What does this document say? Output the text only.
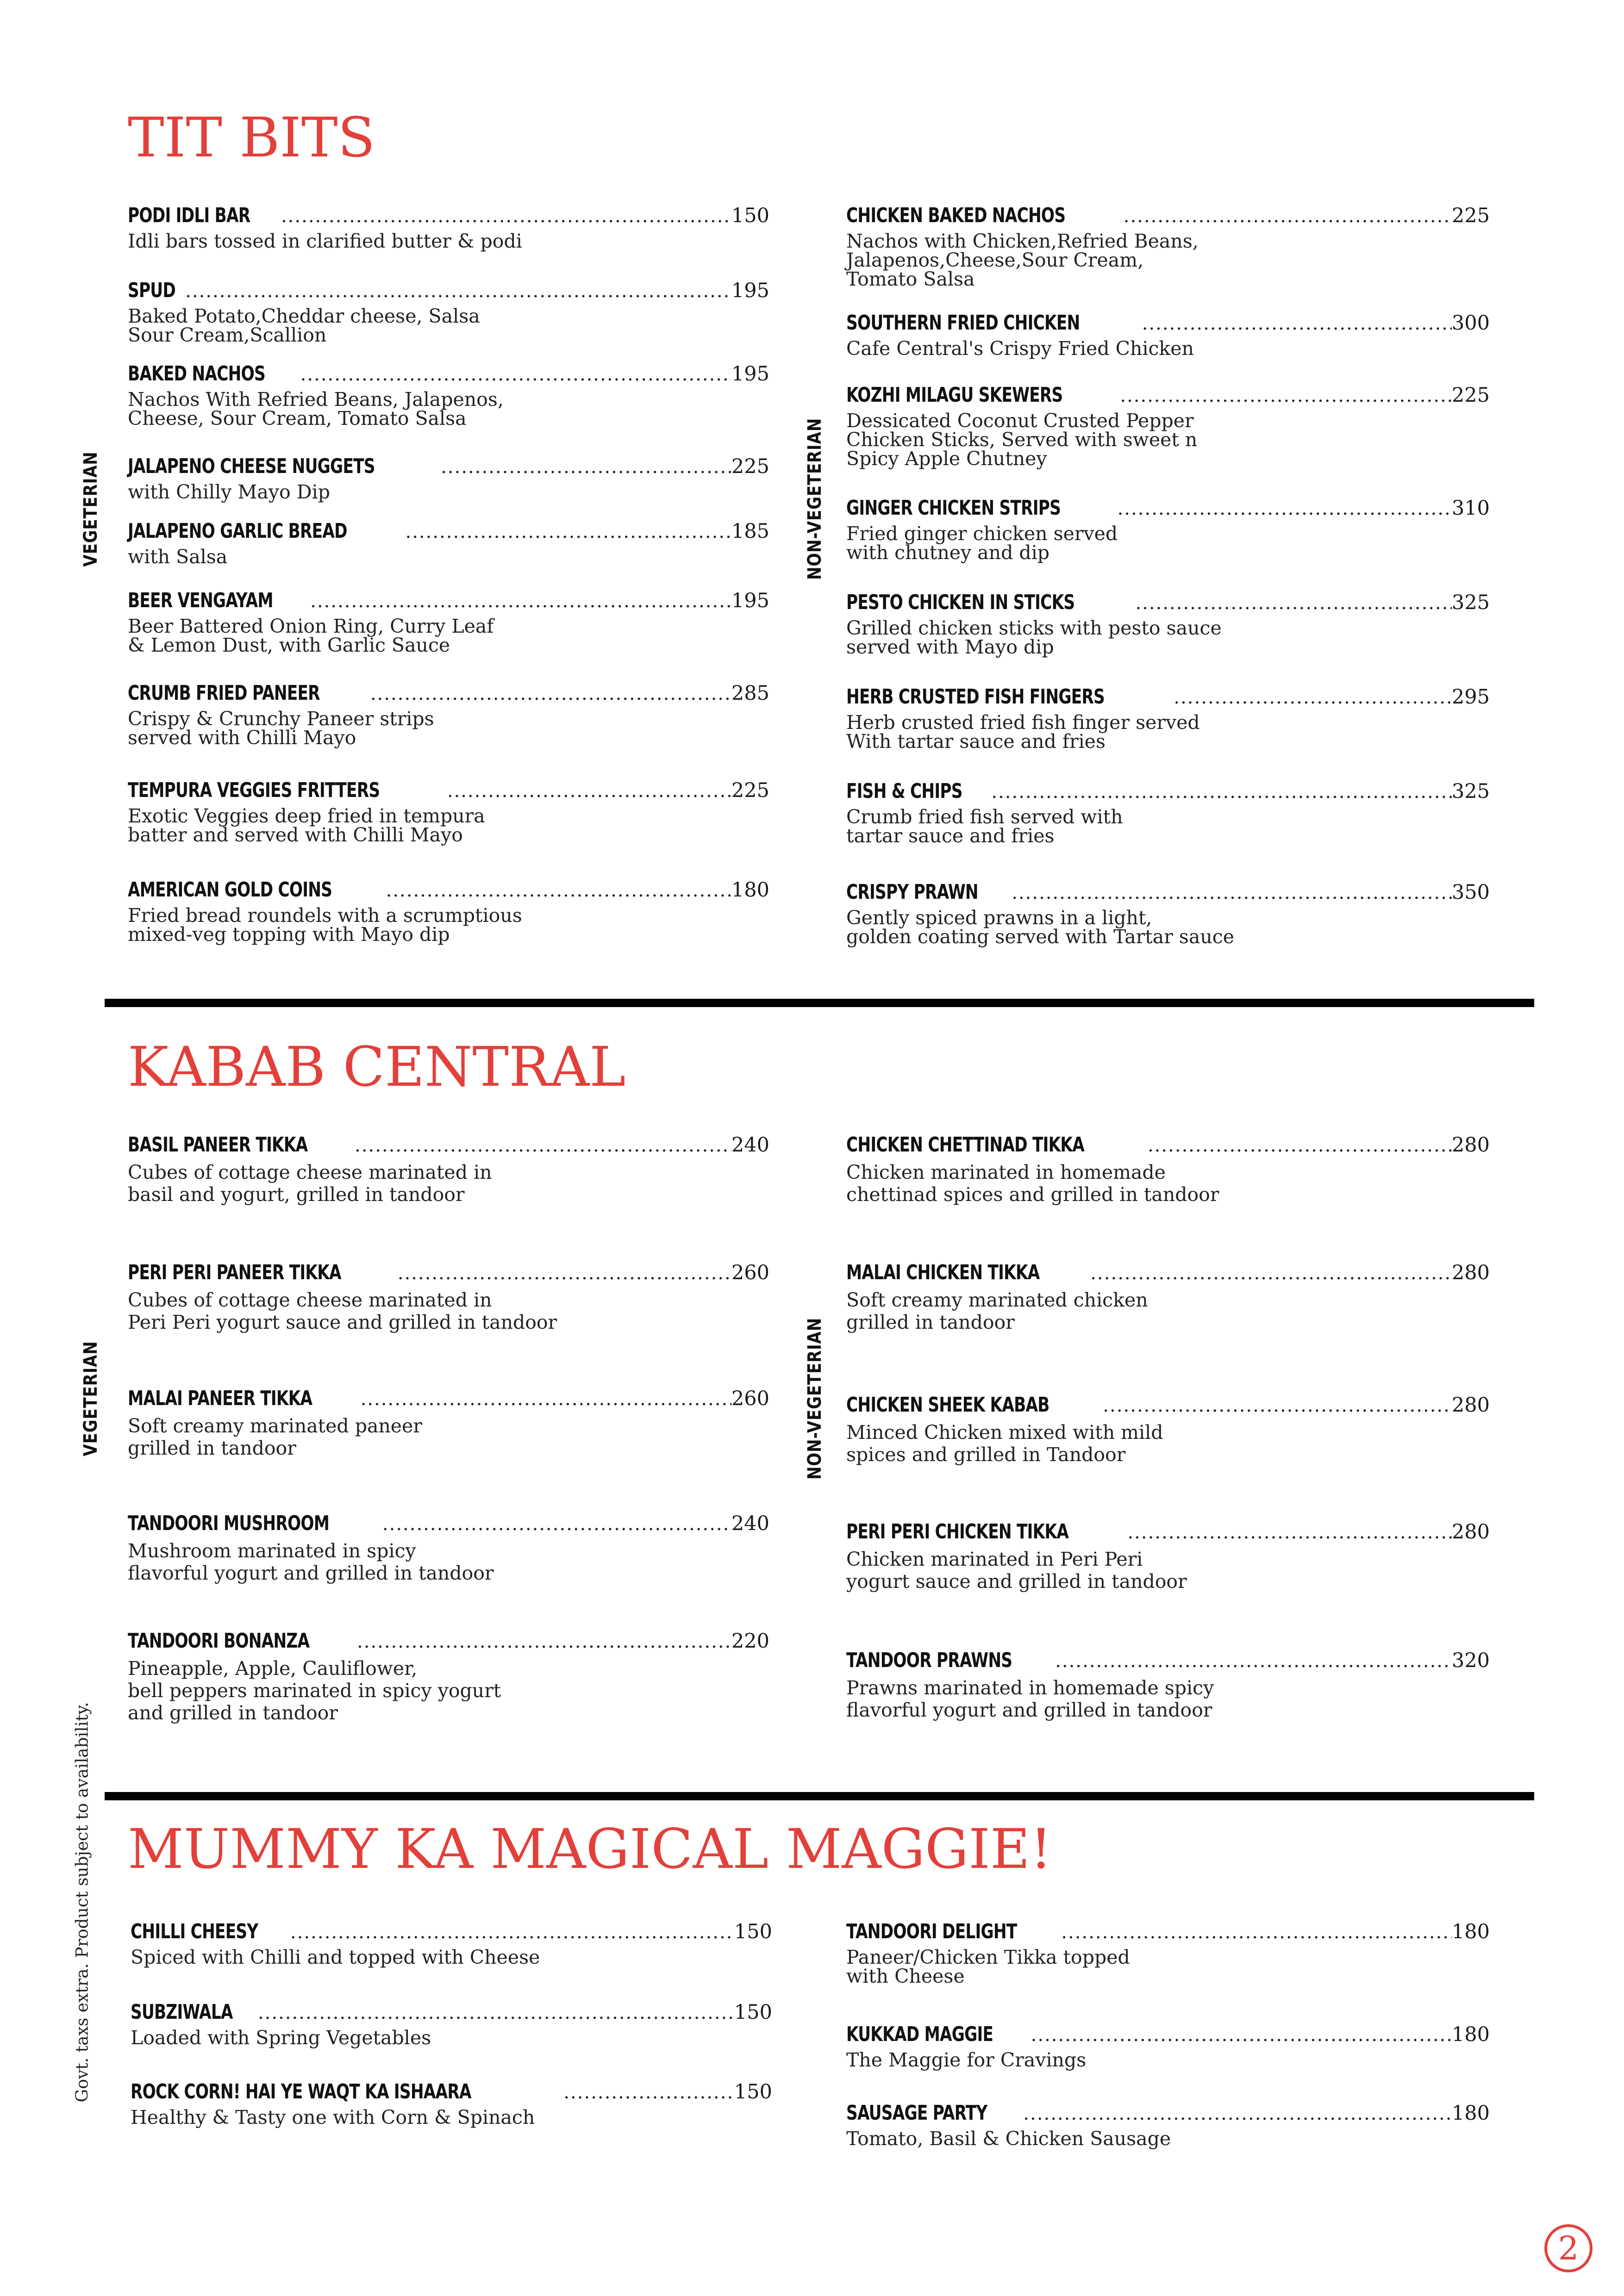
TIT BITS
KABAB CENTRAL
MUMMY KA MAGICAL MAGGIE!
VEGETERIAN	NON-VEGETERIAN
VEGETERIAN	NON-VEGETERIAN
Govt. taxs extra. Product subject to availability.
2
PODI IDLI BAR .....	150
Idli bars tossed in clarified butter & podi
SPUD .....	195
Baked Potato,Cheddar cheese, Salsa
Sour Cream,Scallion
BAKED NACHOS .....	195
Nachos With Refried Beans, Jalapenos,
Cheese, Sour Cream, Tomato Salsa
JALAPENO CHEESE NUGGETS .....	225
with Chilly Mayo Dip
JALAPENO GARLIC BREAD .....	185
with Salsa
BEER VENGAYAM .....	195
Beer Battered Onion Ring, Curry Leaf
& Lemon Dust, with Garlic Sauce
CRUMB FRIED PANEER .....	285
Crispy & Crunchy Paneer strips
served with Chilli Mayo
TEMPURA VEGGIES FRITTERS .....	225
Exotic Veggies deep fried in tempura
batter and served with Chilli Mayo
AMERICAN GOLD COINS .....	180
Fried bread roundels with a scrumptious
mixed-veg topping with Mayo dip
CHICKEN BAKED NACHOS .....	225
Nachos with Chicken,Refried Beans,
Jalapenos,Cheese,Sour Cream,
Tomato Salsa
SOUTHERN FRIED CHICKEN .....	300
Cafe Central's Crispy Fried Chicken
KOZHI MILAGU SKEWERS .....	225
Dessicated Coconut Crusted Pepper
Chicken Sticks, Served with sweet n
Spicy Apple Chutney
GINGER CHICKEN STRIPS .....	310
Fried ginger chicken served
with chutney and dip
PESTO CHICKEN IN STICKS .....	325
Grilled chicken sticks with pesto sauce
served with Mayo dip
HERB CRUSTED FISH FINGERS .....	295
Herb crusted fried fish finger served
With tartar sauce and fries
FISH & CHIPS .....	325
Crumb fried fish served with
tartar sauce and fries
CRISPY PRAWN .....	350
Gently spiced prawns in a light,
golden coating served with Tartar sauce
BASIL PANEER TIKKA .....	240
Cubes of cottage cheese marinated in
basil and yogurt, grilled in tandoor
PERI PERI PANEER TIKKA .....	260
Cubes of cottage cheese marinated in
Peri Peri yogurt sauce and grilled in tandoor
MALAI PANEER TIKKA .....	260
Soft creamy marinated paneer
grilled in tandoor
TANDOORI MUSHROOM .....	240
Mushroom marinated in spicy
flavorful yogurt and grilled in tandoor
TANDOORI BONANZA .....	220
Pineapple, Apple, Cauliflower,
bell peppers marinated in spicy yogurt
and grilled in tandoor
CHICKEN CHETTINAD TIKKA .....	280
Chicken marinated in homemade
chettinad spices and grilled in tandoor
MALAI CHICKEN TIKKA .....	280
Soft creamy marinated chicken
grilled in tandoor
CHICKEN SHEEK KABAB .....	280
Minced Chicken mixed with mild
spices and grilled in Tandoor
PERI PERI CHICKEN TIKKA .....	280
Chicken marinated in Peri Peri
yogurt sauce and grilled in tandoor
TANDOOR PRAWNS .....	320
Prawns marinated in homemade spicy
flavorful yogurt and grilled in tandoor
CHILLI CHEESY .....	150
Spiced with Chilli and topped with Cheese
SUBZIWALA .....	150
Loaded with Spring Vegetables
ROCK CORN! HAI YE WAQT KA ISHAARA .....	150
Healthy & Tasty one with Corn & Spinach
TANDOORI DELIGHT .....	180
Paneer/Chicken Tikka topped
with Cheese
KUKKAD MAGGIE .....	180
The Maggie for Cravings
SAUSAGE PARTY .....	180
Tomato, Basil & Chicken Sausage
